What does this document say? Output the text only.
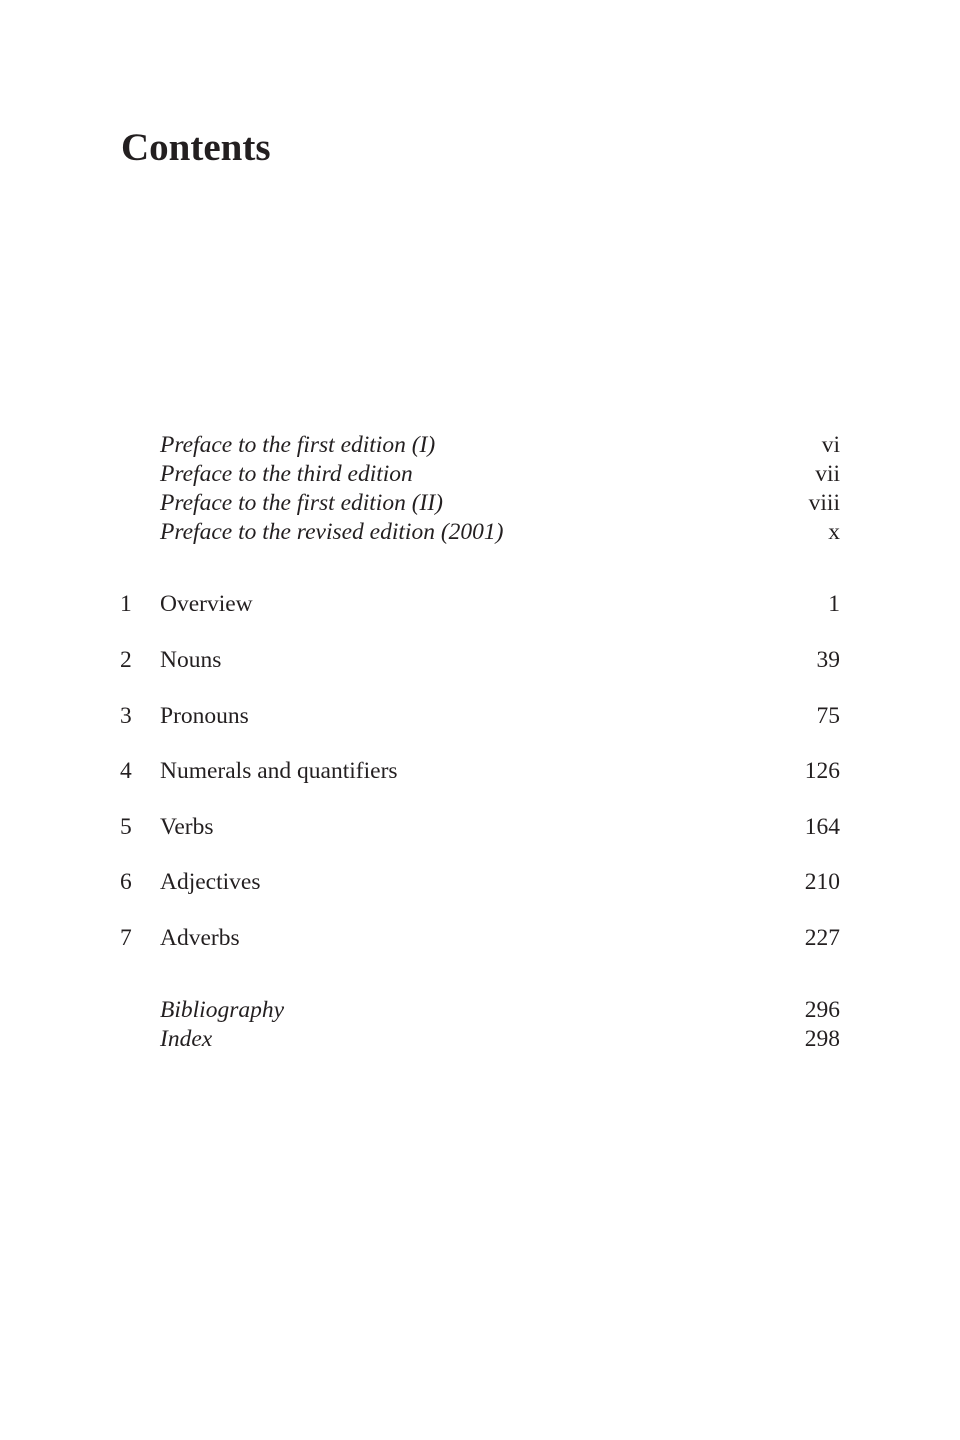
Contents
Preface to the first edition (I)	vi
Preface to the third edition	vii
Preface to the first edition (II)	viii
Preface to the revised edition (2001)	x
1 Overview	1
2 Nouns	39
3 Pronouns	75
4 Numerals and quantifiers	126
5 Verbs	164
6 Adjectives	210
7 Adverbs	227
Bibliography	296
Index	298
